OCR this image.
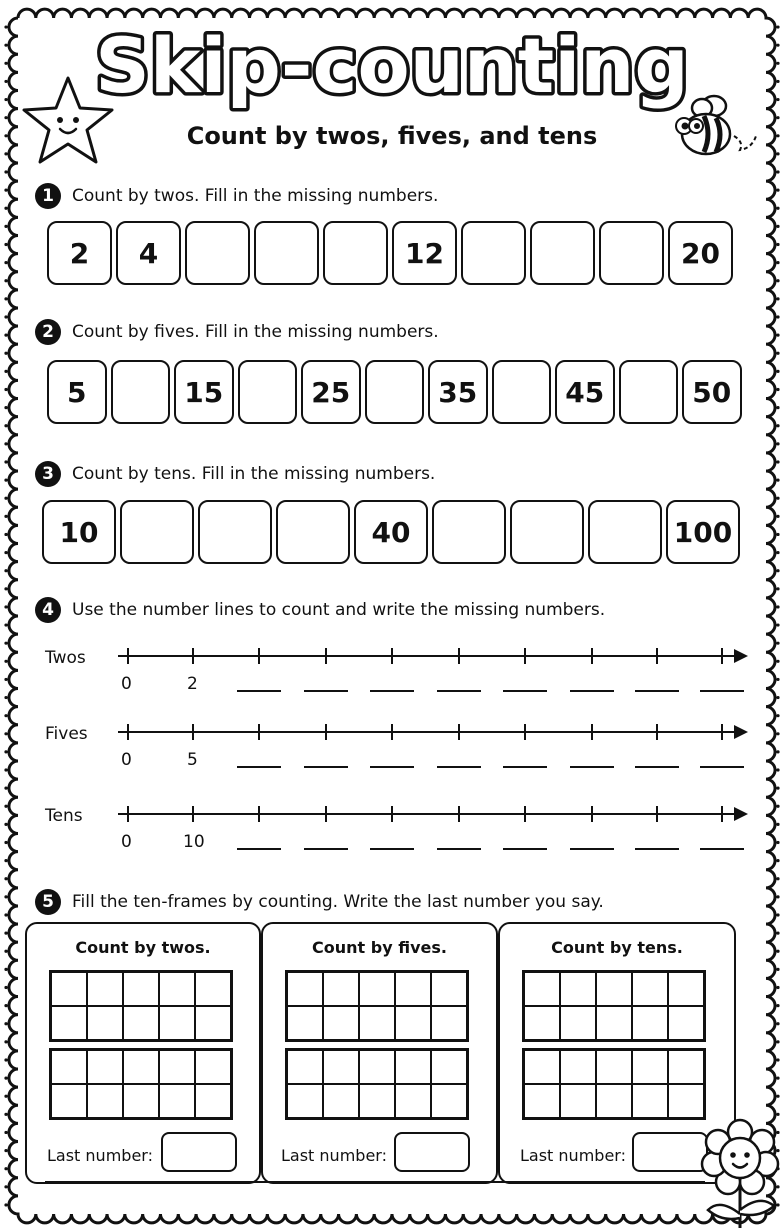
Skip-counting
Count by twos, fives, and tens
1	Count by twos. Fill in the missing numbers.
2	4	12	20
2	Count by fives. Fill in the missing numbers.
5	15	25	35	45	50
3	Count by tens. Fill in the missing numbers.
10	40	100
4	Use the number lines to count and write the missing numbers.
Twos
Fives
Tens
0	2
0	5
0	10
5	Fill the ten-frames by counting. Write the last number you say.
Count by twos.
Last number:
Count by fives.
Last number:
Count by tens.
Last number:
